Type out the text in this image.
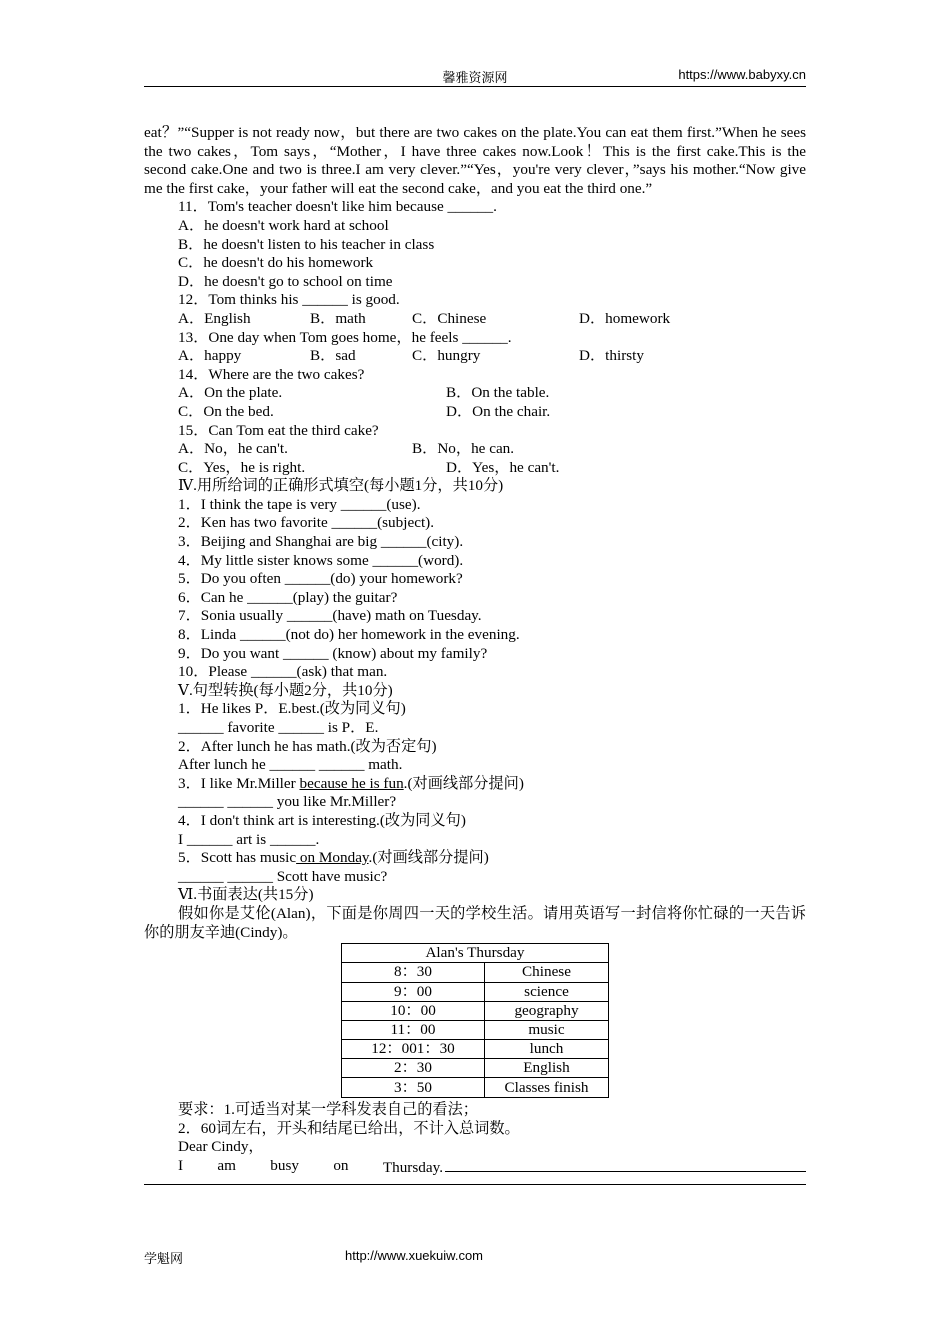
馨雅资源网	https://www.babyxy.cn

eat？”“Supper is not ready now，but there are two cakes on the plate.You can eat them first.”When he sees the two cakes，Tom says，“Mother，I have three cakes now.Look！This is the first cake.This is the second cake.One and two is three.I am very clever.”“Yes，you're very clever，”says his mother.“Now give me the first cake，your father will eat the second cake，and you eat the third one.”

11．Tom's teacher doesn't like him because ______.
A．he doesn't work hard at school
B．he doesn't listen to his teacher in class
C．he doesn't do his homework
D．he doesn't go to school on time
12．Tom thinks his ______ is good.
A．English	B．math	C．Chinese	D．homework
13．One day when Tom goes home，he feels ______.
A．happy	B．sad	C．hungry	D．thirsty
14．Where are the two cakes?
A．On the plate.	B．On the table.
C．On the bed.	D．On the chair.
15．Can Tom eat the third cake?
A．No，he can't.	B．No，he can.
C．Yes，he is right.	D．Yes，he can't.
Ⅳ.用所给词的正确形式填空(每小题1分，共10分)
1．I think the tape is very ______(use).
2．Ken has two favorite ______(subject).
3．Beijing and Shanghai are big ______(city).
4．My little sister knows some ______(word).
5．Do you often ______(do) your homework?
6．Can he ______(play) the guitar?
7．Sonia usually ______(have) math on Tuesday.
8．Linda ______(not do) her homework in the evening.
9．Do you want ______ (know) about my family?
10．Please ______(ask) that man.
Ⅴ.句型转换(每小题2分，共10分)
1．He likes P．E.best.(改为同义句)
______ favorite ______ is P．E.
2．After lunch he has math.(改为否定句)
After lunch he ______ ______ math.
3．I like Mr.Miller because he is fun.(对画线部分提问)
______ ______ you like Mr.Miller?
4．I don't think art is interesting.(改为同义句)
I ______ art is ______.
5．Scott has music on Monday.(对画线部分提问)
______ ______ Scott have music?
Ⅵ.书面表达(共15分)

假如你是艾伦(Alan)，下面是你周四一天的学校生活。请用英语写一封信将你忙碌的一天告诉你的朋友辛迪(Cindy)。

Alan's Thursday	
8：30	Chinese
9：00	science
10：00	geography
11：00	music
12：001：30	lunch
2：30	English
3：50	Classes finish
要求：1.可适当对某一学科发表自己的看法；
2．60词左右，开头和结尾已给出，不计入总词数。
Dear Cindy，
I am busy on Thursday.
学魁网	http://www.xuekuiw.com
